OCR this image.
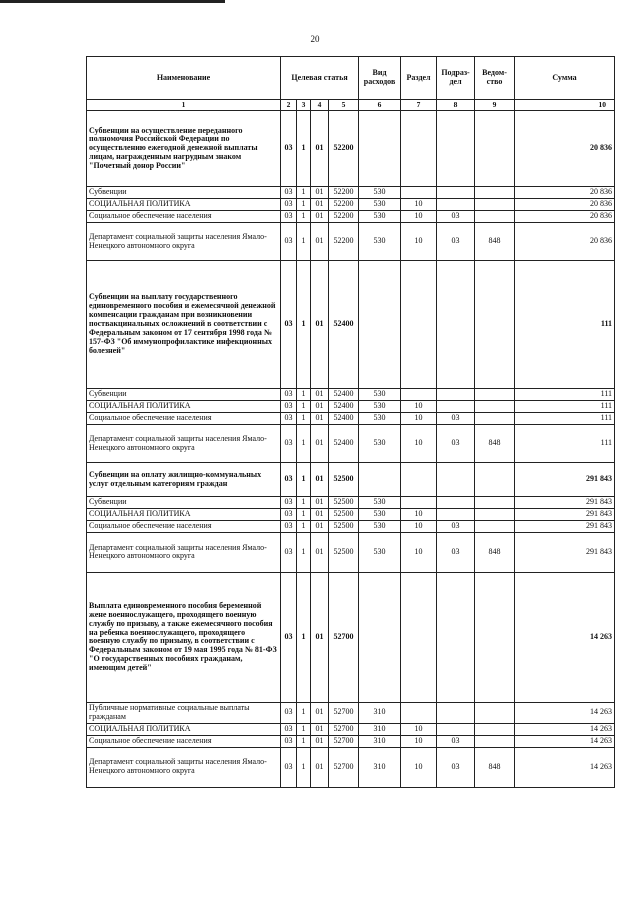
20
Наименование	Целевая статья				Вид расходов	Раздел	Подраз-дел	Ведом-ство	Сумма
1	2	3	4	5	6	7	8	9	10
Субвенции на осуществление переданного полномочия Российской Федерации по осуществлению ежегодной денежной выплаты лицам, награжденным нагрудным знаком "Почетный донор России"	03	1	01	52200					20 836
Субвенции	03	1	01	52200	530				20 836
СОЦИАЛЬНАЯ ПОЛИТИКА	03	1	01	52200	530	10			20 836
Социальное обеспечение населения	03	1	01	52200	530	10	03		20 836
Департамент социальной защиты населения Ямало-Ненецкого автономного округа	03	1	01	52200	530	10	03	848	20 836
Субвенции на выплату государственного единовременного пособия и ежемесячной денежной компенсации гражданам при возникновении поствакцинальных осложнений в соответствии с Федеральным законом от 17 сентября 1998 года № 157-ФЗ "Об иммунопрофилактике инфекционных болезней"	03	1	01	52400					111
Субвенции	03	1	01	52400	530				111
СОЦИАЛЬНАЯ ПОЛИТИКА	03	1	01	52400	530	10			111
Социальное обеспечение населения	03	1	01	52400	530	10	03		111
Департамент социальной защиты населения Ямало-Ненецкого автономного округа	03	1	01	52400	530	10	03	848	111
Субвенции на оплату жилищно-коммунальных услуг отдельным категориям граждан	03	1	01	52500					291 843
Субвенции	03	1	01	52500	530				291 843
СОЦИАЛЬНАЯ ПОЛИТИКА	03	1	01	52500	530	10			291 843
Социальное обеспечение населения	03	1	01	52500	530	10	03		291 843
Департамент социальной защиты населения Ямало-Ненецкого автономного округа	03	1	01	52500	530	10	03	848	291 843
Выплата единовременного пособия беременной жене военнослужащего, проходящего военную службу по призыву, а также ежемесячного пособия на ребенка военнослужащего, проходящего военную службу по призыву, в соответствии с Федеральным законом от 19 мая 1995 года № 81-ФЗ "О государственных пособиях гражданам, имеющим детей"	03	1	01	52700					14 263
Публичные нормативные социальные выплаты гражданам	03	1	01	52700	310				14 263
СОЦИАЛЬНАЯ ПОЛИТИКА	03	1	01	52700	310	10			14 263
Социальное обеспечение населения	03	1	01	52700	310	10	03		14 263
Департамент социальной защиты населения Ямало-Ненецкого автономного округа	03	1	01	52700	310	10	03	848	14 263
